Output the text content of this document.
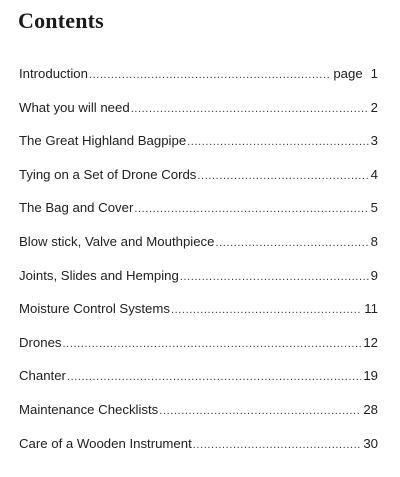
Contents
Introduction .....	page 1
What you will need .....	2
The Great Highland Bagpipe .....	3
Tying on a Set of Drone Cords .....	4
The Bag and Cover .....	5
Blow stick, Valve and Mouthpiece .....	8
Joints, Slides and Hemping .....	9
Moisture Control Systems .....	11
Drones .....	12
Chanter .....	19
Maintenance Checklists .....	28
Care of a Wooden Instrument .....	30
